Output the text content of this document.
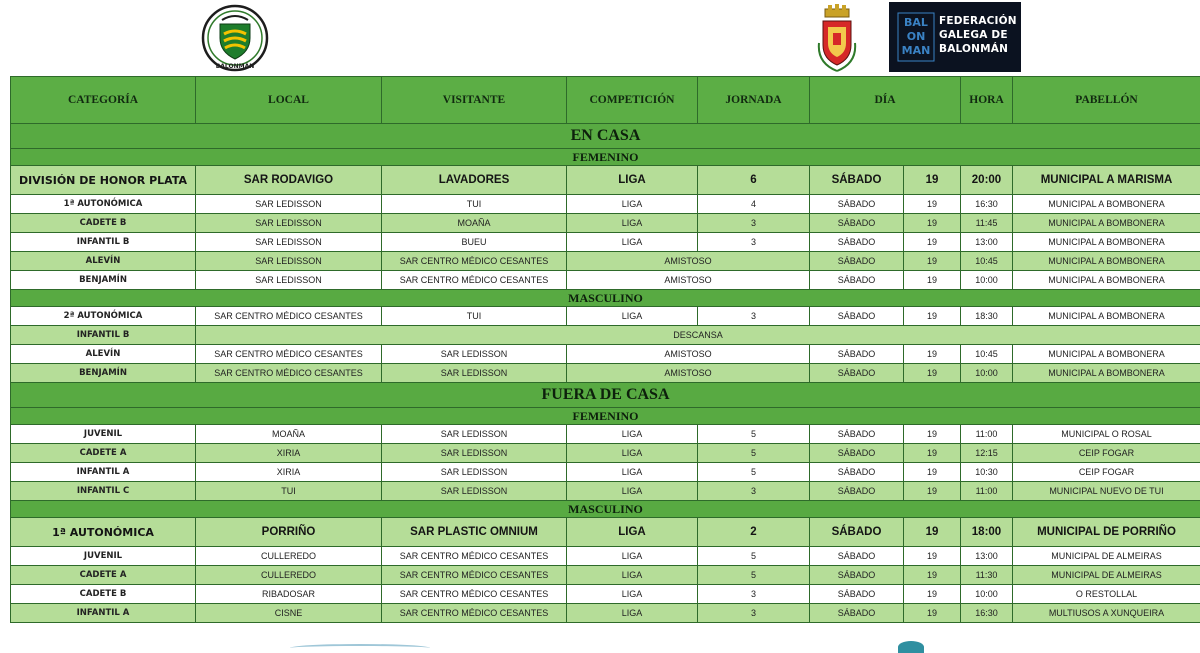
BALONMÁN
BAL
ON
MAN
FEDERACIÓN
GALEGA DE
BALONMÁN
CATEGORÍA	LOCAL	VISITANTE	COMPETICIÓN	JORNADA	DÍA		HORA	PABELLÓN
EN CASA								
FEMENINO								
DIVISIÓN DE HONOR PLATA	SAR RODAVIGO	LAVADORES	LIGA	6	SÁBADO	19	20:00	MUNICIPAL A MARISMA
1ª AUTONÓMICA	SAR LEDISSON	TUI	LIGA	4	SÁBADO	19	16:30	MUNICIPAL A BOMBONERA
CADETE B	SAR LEDISSON	MOAÑA	LIGA	3	SÁBADO	19	11:45	MUNICIPAL A BOMBONERA
INFANTIL B	SAR LEDISSON	BUEU	LIGA	3	SÁBADO	19	13:00	MUNICIPAL A BOMBONERA
ALEVÍN	SAR LEDISSON	SAR CENTRO MÉDICO CESANTES	AMISTOSO		SÁBADO	19	10:45	MUNICIPAL A BOMBONERA
BENJAMÍN	SAR LEDISSON	SAR CENTRO MÉDICO CESANTES	AMISTOSO		SÁBADO	19	10:00	MUNICIPAL A BOMBONERA
MASCULINO								
2ª AUTONÓMICA	SAR CENTRO MÉDICO CESANTES	TUI	LIGA	3	SÁBADO	19	18:30	MUNICIPAL A BOMBONERA
INFANTIL B	DESCANSA							
ALEVÍN	SAR CENTRO MÉDICO CESANTES	SAR LEDISSON	AMISTOSO		SÁBADO	19	10:45	MUNICIPAL A BOMBONERA
BENJAMÍN	SAR CENTRO MÉDICO CESANTES	SAR LEDISSON	AMISTOSO		SÁBADO	19	10:00	MUNICIPAL A BOMBONERA
FUERA DE CASA								
FEMENINO								
JUVENIL	MOAÑA	SAR LEDISSON	LIGA	5	SÁBADO	19	11:00	MUNICIPAL O ROSAL
CADETE A	XIRIA	SAR LEDISSON	LIGA	5	SÁBADO	19	12:15	CEIP FOGAR
INFANTIL A	XIRIA	SAR LEDISSON	LIGA	5	SÁBADO	19	10:30	CEIP FOGAR
INFANTIL C	TUI	SAR LEDISSON	LIGA	3	SÁBADO	19	11:00	MUNICIPAL NUEVO DE TUI
MASCULINO								
1ª AUTONÓMICA	PORRIÑO	SAR PLASTIC OMNIUM	LIGA	2	SÁBADO	19	18:00	MUNICIPAL DE PORRIÑO
JUVENIL	CULLEREDO	SAR CENTRO MÉDICO CESANTES	LIGA	5	SÁBADO	19	13:00	MUNICIPAL DE ALMEIRAS
CADETE A	CULLEREDO	SAR CENTRO MÉDICO CESANTES	LIGA	5	SÁBADO	19	11:30	MUNICIPAL DE ALMEIRAS
CADETE B	RIBADOSAR	SAR CENTRO MÉDICO CESANTES	LIGA	3	SÁBADO	19	10:00	O RESTOLLAL
INFANTIL A	CISNE	SAR CENTRO MÉDICO CESANTES	LIGA	3	SÁBADO	19	16:30	MULTIUSOS A XUNQUEIRA
